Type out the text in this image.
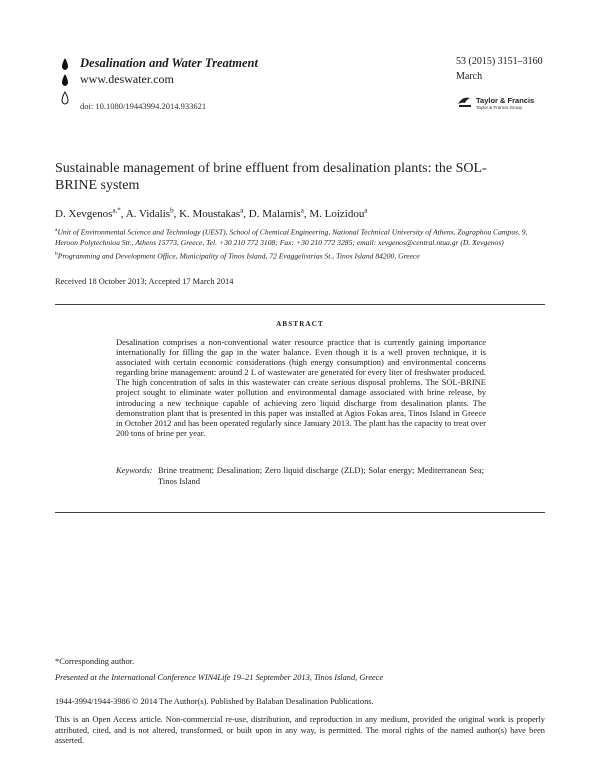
Desalination and Water Treatment
www.deswater.com
doi: 10.1080/19443994.2014.933621
53 (2015) 3151–3160
March
Taylor & Francis
Taylor & Francis Group
Sustainable management of brine effluent from desalination plants: the SOL-BRINE system
D. Xevgenos$^{a,*}$, A. Vidalis$^b$, K. Moustakas$^a$, D. Malamis$^a$, M. Loizidou$^a$
$^a$Unit of Environmental Science and Technology (UEST), School of Chemical Engineering, National Technical University of Athens, Zographou Campus, 9, Heroon Polytechniou Str., Athens 15773, Greece, Tel. +30 210 772 3108; Fax: +30 210 772 3285; email: xevgenos@central.ntua.gr (D. Xevgenos)
$^b$Programming and Development Office, Municipality of Tinos Island, 72 Evaggelistrias St., Tinos Island 84200, Greece
Received 18 October 2013; Accepted 17 March 2014
ABSTRACT
Desalination comprises a non-conventional water resource practice that is currently gaining importance internationally for filling the gap in the water balance. Even though it is a well proven technique, it is associated with certain economic considerations (high energy consumption) and environmental concerns regarding brine management: around 2 L of wastewater are generated for every liter of freshwater produced. The high concentration of salts in this wastewater can create serious disposal problems. The SOL-BRINE project sought to eliminate water pollution and environmental damage associated with brine release, by introducing a new technique capable of achieving zero liquid discharge from desalination plants. The demonstration plant that is presented in this paper was installed at Agios Fokas area, Tinos Island in Greece in October 2012 and has been operated regularly since January 2013. The plant has the capacity to treat over 200 tons of brine per year.
Keywords: Brine treatment; Desalination; Zero liquid discharge (ZLD); Solar energy; Mediterranean Sea; Tinos Island
*Corresponding author.
Presented at the International Conference WIN4Life 19–21 September 2013, Tinos Island, Greece
1944-3994/1944-3986 © 2014 The Author(s). Published by Balaban Desalination Publications.
This is an Open Access article. Non-commercial re-use, distribution, and reproduction in any medium, provided the original work is properly attributed, cited, and is not altered, transformed, or built upon in any way, is permitted. The moral rights of the named author(s) have been asserted.
